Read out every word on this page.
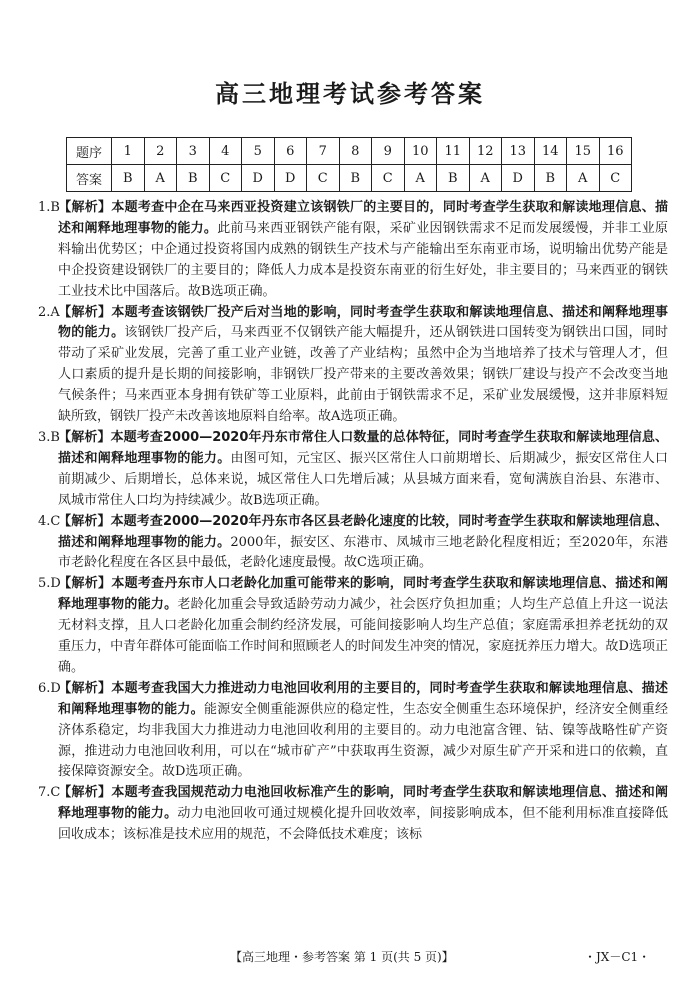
高三地理考试参考答案
题序	1	2	3	4	5	6	7	8	9	10	11	12	13	14	15	16
答案	B	A	B	C	D	D	C	B	C	A	B	A	D	B	A	C

1.B【解析】本题考查中企在马来西亚投资建立该钢铁厂的主要目的，同时考查学生获取和解读地理信息、描述和阐释地理事物的能力。此前马来西亚钢铁产能有限，采矿业因钢铁需求不足而发展缓慢，并非工业原料输出优势区；中企通过投资将国内成熟的钢铁生产技术与产能输出至东南亚市场，说明输出优势产能是中企投资建设钢铁厂的主要目的；降低人力成本是投资东南亚的衍生好处，非主要目的；马来西亚的钢铁工业技术比中国落后。故B选项正确。

2.A【解析】本题考查该钢铁厂投产后对当地的影响，同时考查学生获取和解读地理信息、描述和阐释地理事物的能力。该钢铁厂投产后，马来西亚不仅钢铁产能大幅提升，还从钢铁进口国转变为钢铁出口国，同时带动了采矿业发展，完善了重工业产业链，改善了产业结构；虽然中企为当地培养了技术与管理人才，但人口素质的提升是长期的间接影响，非钢铁厂投产带来的主要改善效果；钢铁厂建设与投产不会改变当地气候条件；马来西亚本身拥有铁矿等工业原料，此前由于钢铁需求不足，采矿业发展缓慢，这并非原料短缺所致，钢铁厂投产未改善该地原料自给率。故A选项正确。

3.B【解析】本题考查2000—2020年丹东市常住人口数量的总体特征，同时考查学生获取和解读地理信息、描述和阐释地理事物的能力。由图可知，元宝区、振兴区常住人口前期增长、后期减少，振安区常住人口前期减少、后期增长，总体来说，城区常住人口先增后减；从县城方面来看，宽甸满族自治县、东港市、凤城市常住人口均为持续减少。故B选项正确。

4.C【解析】本题考查2000—2020年丹东市各区县老龄化速度的比较，同时考查学生获取和解读地理信息、描述和阐释地理事物的能力。2000年，振安区、东港市、凤城市三地老龄化程度相近；至2020年，东港市老龄化程度在各区县中最低，老龄化速度最慢。故C选项正确。

5.D【解析】本题考查丹东市人口老龄化加重可能带来的影响，同时考查学生获取和解读地理信息、描述和阐释地理事物的能力。老龄化加重会导致适龄劳动力减少，社会医疗负担加重；人均生产总值上升这一说法无材料支撑，且人口老龄化加重会制约经济发展，可能间接影响人均生产总值；家庭需承担养老抚幼的双重压力，中青年群体可能面临工作时间和照顾老人的时间发生冲突的情况，家庭抚养压力增大。故D选项正确。

6.D【解析】本题考查我国大力推进动力电池回收利用的主要目的，同时考查学生获取和解读地理信息、描述和阐释地理事物的能力。能源安全侧重能源供应的稳定性，生态安全侧重生态环境保护，经济安全侧重经济体系稳定，均非我国大力推进动力电池回收利用的主要目的。动力电池富含锂、钴、镍等战略性矿产资源，推进动力电池回收利用，可以在“城市矿产”中获取再生资源，减少对原生矿产开采和进口的依赖，直接保障资源安全。故D选项正确。

7.C【解析】本题考查我国规范动力电池回收标准产生的影响，同时考查学生获取和解读地理信息、描述和阐释地理事物的能力。动力电池回收可通过规模化提升回收效率，间接影响成本，但不能利用标准直接降低回收成本；该标准是技术应用的规范，不会降低技术难度；该标

【高三地理・参考答案 第 1 页(共 5 页)】	・JX－C1・
